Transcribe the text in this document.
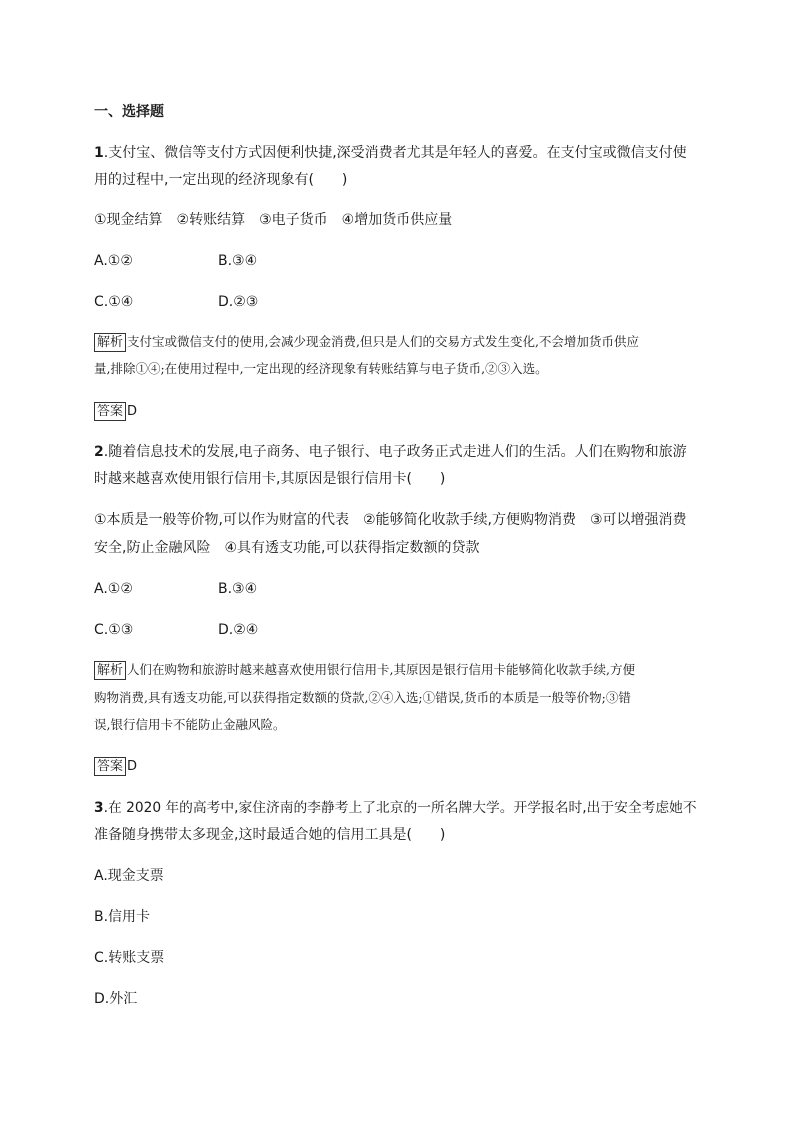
一、选择题
1.支付宝、微信等支付方式因便利快捷,深受消费者尤其是年轻人的喜爱。在支付宝或微信支付使
用的过程中,一定出现的经济现象有(　　)
①现金结算　②转账结算　③电子货币　④增加货币供应量
A.①②	B.③④
C.①④	D.②③
解析 支付宝或微信支付的使用,会减少现金消费,但只是人们的交易方式发生变化,不会增加货币供应
量,排除①④;在使用过程中,一定出现的经济现象有转账结算与电子货币,②③入选。
答案 D
2.随着信息技术的发展,电子商务、电子银行、电子政务正式走进人们的生活。人们在购物和旅游
时越来越喜欢使用银行信用卡,其原因是银行信用卡(　　)
①本质是一般等价物,可以作为财富的代表　②能够简化收款手续,方便购物消费　③可以增强消费
安全,防止金融风险　④具有透支功能,可以获得指定数额的贷款
A.①②	B.③④
C.①③	D.②④
解析 人们在购物和旅游时越来越喜欢使用银行信用卡,其原因是银行信用卡能够简化收款手续,方便
购物消费,具有透支功能,可以获得指定数额的贷款,②④入选;①错误,货币的本质是一般等价物;③错
误,银行信用卡不能防止金融风险。
答案 D
3.在 2020 年的高考中,家住济南的李静考上了北京的一所名牌大学。开学报名时,出于安全考虑她不
准备随身携带太多现金,这时最适合她的信用工具是(　　)
A.现金支票
B.信用卡
C.转账支票
D.外汇
